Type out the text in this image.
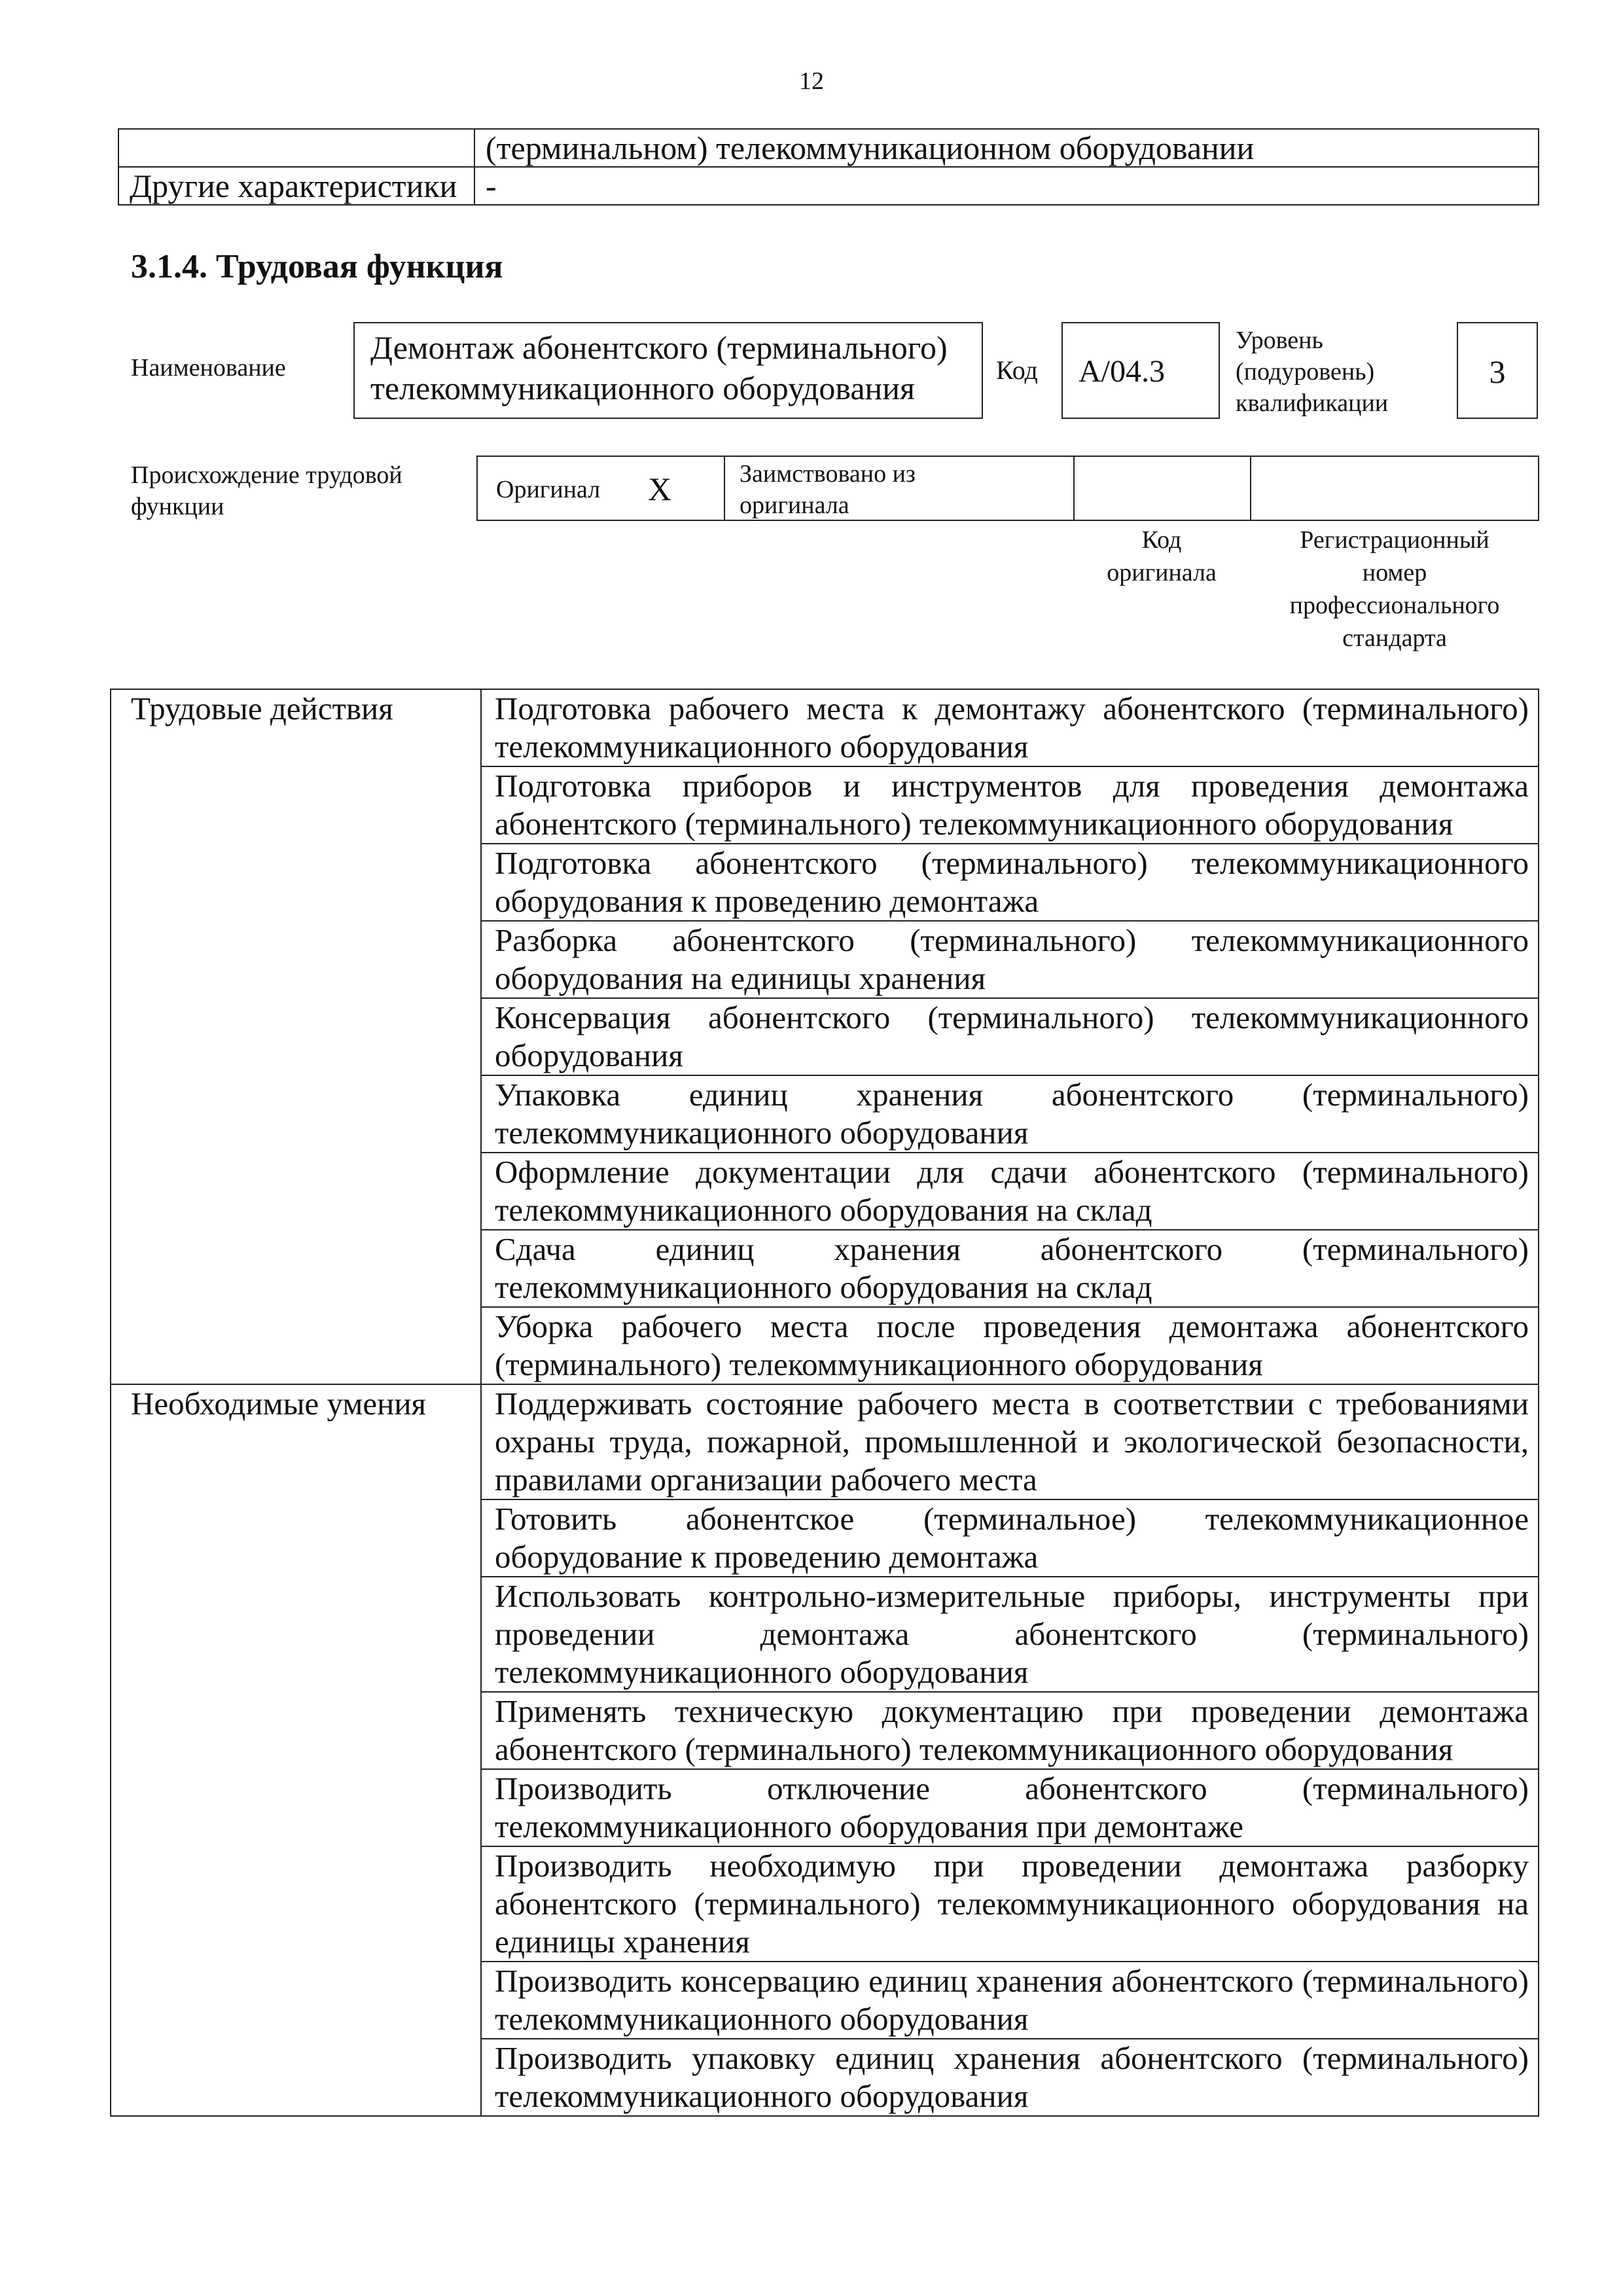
12
	(терминальном) телекоммуникационном оборудовании
Другие характеристики	-
3.1.4. Трудовая функция
Наименование
Демонтаж абонентского (терминального) телекоммуникационного оборудования	Код	A/04.3
Уровень
(подуровень)
квалификации
3
Происхождение трудовой
функции
Оригинал X	Заимствовано из
оригинала
Код
оригинала
Регистрационный
номер
профессионального
стандарта
Трудовые действия	Подготовка рабочего места к демонтажу абонентского (терминального) телекоммуникационного оборудования
	Подготовка приборов и инструментов для проведения демонтажа абонентского (терминального) телекоммуникационного оборудования
	Подготовка абонентского (терминального) телекоммуникационного оборудования к проведению демонтажа
	Разборка абонентского (терминального) телекоммуникационного оборудования на единицы хранения
	Консервация абонентского (терминального) телекоммуникационного оборудования
	Упаковка единиц хранения абонентского (терминального) телекоммуникационного оборудования
	Оформление документации для сдачи абонентского (терминального) телекоммуникационного оборудования на склад
	Сдача единиц хранения абонентского (терминального) телекоммуникационного оборудования на склад
	Уборка рабочего места после проведения демонтажа абонентского (терминального) телекоммуникационного оборудования
Необходимые умения	Поддерживать состояние рабочего места в соответствии с требованиями охраны труда, пожарной, промышленной и экологической безопасности, правилами организации рабочего места
	Готовить абонентское (терминальное) телекоммуникационное оборудование к проведению демонтажа
	Использовать контрольно-измерительные приборы, инструменты при проведении демонтажа абонентского (терминального) телекоммуникационного оборудования
	Применять техническую документацию при проведении демонтажа абонентского (терминального) телекоммуникационного оборудования
	Производить отключение абонентского (терминального) телекоммуникационного оборудования при демонтаже
	Производить необходимую при проведении демонтажа разборку абонентского (терминального) телекоммуникационного оборудования на единицы хранения
	Производить консервацию единиц хранения абонентского (терминального) телекоммуникационного оборудования
	Производить упаковку единиц хранения абонентского (терминального) телекоммуникационного оборудования
